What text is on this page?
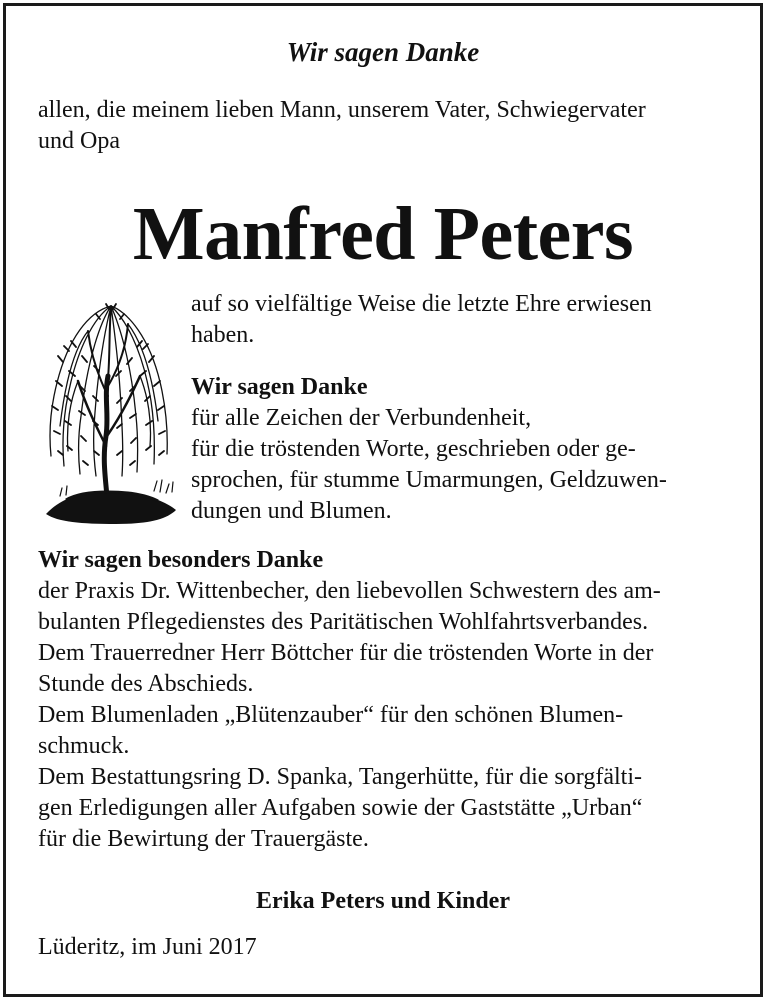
Wir sagen Danke
allen, die meinem lieben Mann, unserem Vater, Schwiegervater
und Opa
Manfred Peters
auf so vielfältige Weise die letzte Ehre erwiesen
haben.
Wir sagen Danke
für alle Zeichen der Verbundenheit,
für die tröstenden Worte, geschrieben oder ge-
sprochen, für stumme Umarmungen, Geldzuwen-
dungen und Blumen.
Wir sagen besonders Danke
der Praxis Dr. Wittenbecher, den liebevollen Schwestern des am-
bulanten Pflegedienstes des Paritätischen Wohlfahrtsverbandes.
Dem Trauerredner Herr Böttcher für die tröstenden Worte in der
Stunde des Abschieds.
Dem Blumenladen „Blütenzauber“ für den schönen Blumen-
schmuck.
Dem Bestattungsring D. Spanka, Tangerhütte, für die sorgfälti-
gen Erledigungen aller Aufgaben sowie der Gaststätte „Urban“
für die Bewirtung der Trauergäste.
Erika Peters und Kinder
Lüderitz, im Juni 2017
